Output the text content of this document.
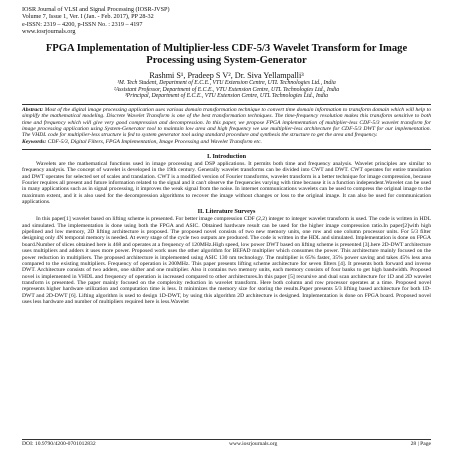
IOSR Journal of VLSI and Signal Processing (IOSR-JVSP)
Volume 7, Issue 1, Ver. I (Jan. - Feb. 2017), PP 28-32
e-ISSN: 2319 – 4200, p-ISSN No. : 2319 – 4197
www.iosrjournals.org
FPGA Implementation of Multiplier-less CDF-5/3 Wavelet Transform for Image Processing using System-Generator
Rashmi S¹, Pradeep S V², Dr. Siva Yellampalli³
¹M. Tech Student, Department of E.C.E., VTU Extension Centre, UTL Technologies Ltd., India
²Assistant Professor, Department of E.C.E., VTU Extension Centre, UTL Technologies Ltd., India
³Principal, Department of E.C.E., VTU Extension Centre, UTL Technologies Ltd., India
Abstract: Most of the digital image processing application uses various domain transformation technique to convert time domain information to transform domain which will help to simplify the mathematical modeling. Discrete Wavelet Transform is one of the best transformation techniques. The time-frequency resolution makes this transform sensitive to both time and frequency which will give very good compression and decompression. In this paper, we propose FPGA implementation of multiplier-less CDF-5/3 wavelet transform for image processing application using System-Generator tool to maintain low area and high frequency we use multiplier-less architecture for CDF-5/3 DWT for our implementation. The VHDL code for multiplier-less structure is fed to system generator tool using standard procedure and synthesis the structure to get the area and frequency.
Keywords: CDF-5/3, Digital Filters, FPGA Implementation, Image Processing and Wavelet Transform etc.
I. Introduction
Wavelets are the mathematical functions used in image processing and DSP applications. It permits both time and frequency analysis. Wavelet principles are similar to frequency analysis. The concept of wavelet is developed in the 19th century. Generally wavelet transforms can be divided into CWT and DWT. CWT operates for entire translation and DWT operates for selected set of scales and translation. CWT is a modified version of Fourier transforms, wavelet transform is a better technique for image compression, because Fourier requires all present and future information related to the signal and it can't observe the frequencies varying with time because it is a function independent.Wavelet can be used in many applications such as in signal processing, it improves the weak signal from the noise. In internet communications wavelets can be used to compress the original image to the maximum extent, and it is also used for the decompression algorithms to recover the image without changes or loss to the original image. It can also be used for communication applications.
II. Literature Surveys
In this paper[1] wavelet based on lifting scheme is presented. For better image compression CDF (2,2) integer to integer wavelet transform is used. The code is written in HDL and simulated. The implementation is done using both the FPGA and ASIC. Obtained hardware result can be used for the higher image compression ratio.In paper[2]with high pipelined and low memory, 2D lifting architecture is proposed. The proposed novel consists of two new memory units, one row and one column processor units. For 5/3 filter designing only 4N temporal memory is needed. At every stage of the cycle two outputs are produced. The code is written in the HDL and simulated. Implementation is done on FPGA board.Number of slices obtained here is 468 and operates at a frequency of 120MHz.High speed, low power DWT based on lifting scheme is presented [3].here 2D-DWT architecture uses multipliers and adders it uses more power. Proposed work uses the other algorithm for BEFAD multiplier which consumes the power. This architecture mainly focused on the power reduction in multipliers. The proposed architecture is implemented using ASIC 130 nm technology. The multiplier is 65% faster, 35% power saving and takes 45% less area compared to the existing multipliers. Frequency of operation is 200MHz. This paper presents lifting scheme architecture for seven filters [4]. It presents both forward and inverse DWT. Architecture consists of two adders, one shifter and one multiplier. Also it contains two memory units, each memory consists of four banks to get high bandwidth. Proposed novel is implemented in VHDL and frequency of operation is increased compared to other architectures.In this paper [5] recursive and dual scan architecture for 1D and 2D wavelet transform is presented. The paper mainly focused on the complexity reduction in wavelet transform. Here both column and row processor operates at a time. Proposed novel represents higher hardware utilization and computation time is less. It minimizes the memory size for storing the results.Paper presents 5/3 lifting based architecture for both 1D-DWT and 2D-DWT [6]. Lifting algorithm is used to design 1D-DWT, by using this algorithm 2D architecture is designed. Implementation is done on FPGA board. Proposed novel uses less hardware and number of multipliers required here is less.Wavelet
DOI: 10.9790/4200-0701012832	www.iosrjournals.org	28 | Page
